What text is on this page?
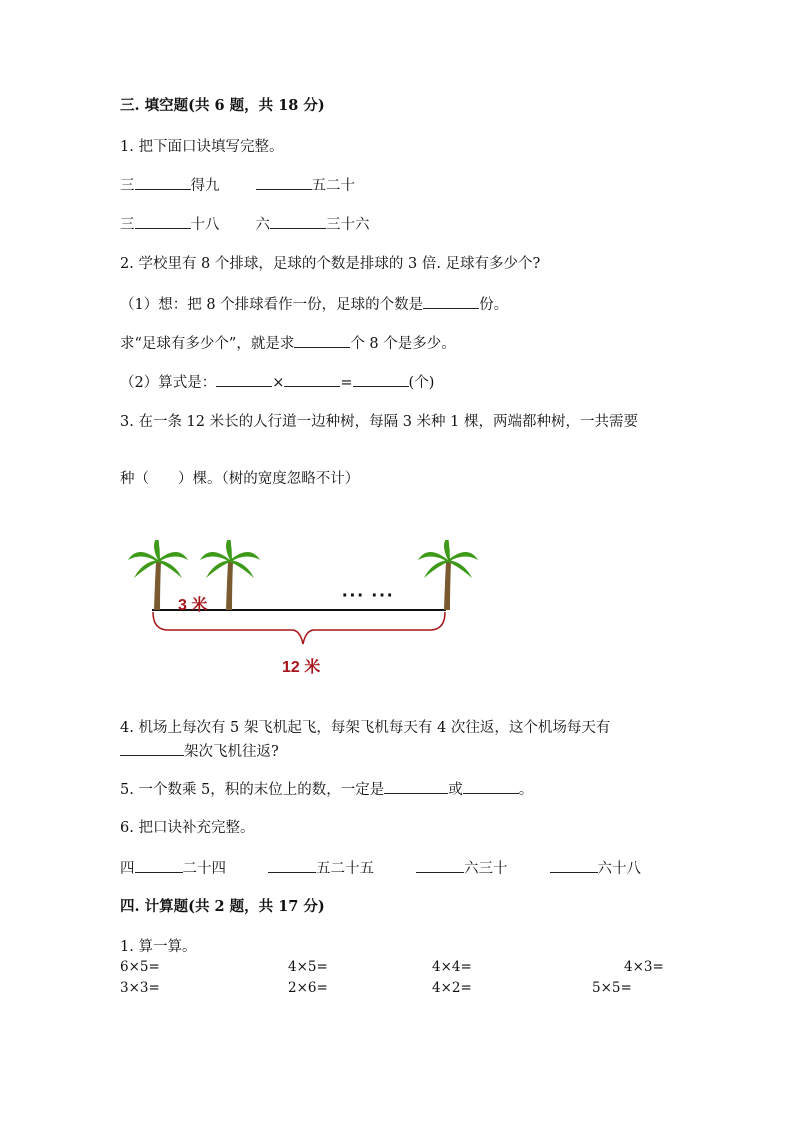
三. 填空题(共 6 题，共 18 分)
1. 把下面口诀填写完整。
三	得九	五二十
三	十八 六	三十六
2. 学校里有 8 个排球，足球的个数是排球的 3 倍. 足球有多少个?
（1）想：把 8 个排球看作一份，足球的个数是	份。
求“足球有多少个”，就是求	个 8 个是多少。
（2）算式是：	×	=	(个)
3. 在一条 12 米长的人行道一边种树，每隔 3 米种 1 棵，两端都种树，一共需要
种（　　）棵。（树的宽度忽略不计）
3 米	··· ···
12 米
4. 机场上每次有 5 架飞机起飞，每架飞机每天有 4 次往返，这个机场每天有
架次飞机往返?
5. 一个数乘 5，积的末位上的数，一定是	或	。
6. 把口诀补充完整。
四	二十四	五二十五	六三十	六十八
四. 计算题(共 2 题，共 17 分)
1. 算一算。
6×5=	4×5=	4×4=	4×3=
3×3=	2×6=	4×2=	5×5=
